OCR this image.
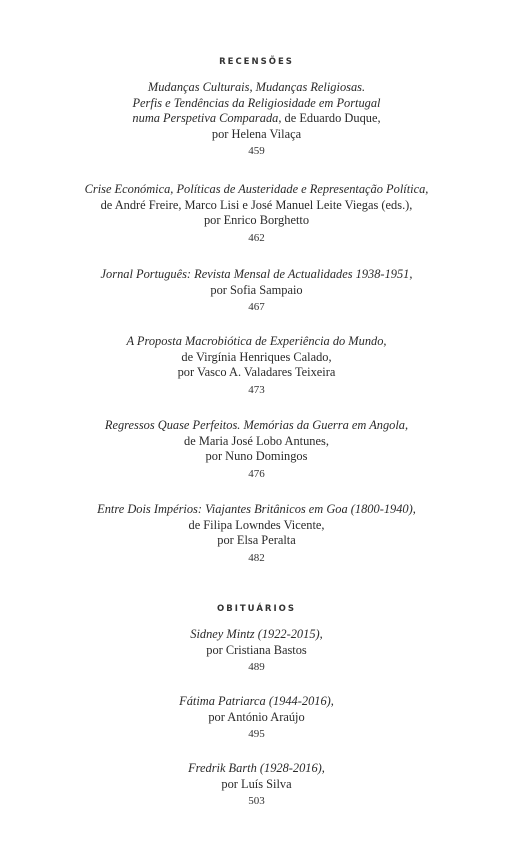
RECENSÕES
Mudanças Culturais, Mudanças Religiosas.
Perfis e Tendências da Religiosidade em Portugal
numa Perspetiva Comparada, de Eduardo Duque,
por Helena Vilaça
459
Crise Económica, Políticas de Austeridade e Representação Política,
de André Freire, Marco Lisi e José Manuel Leite Viegas (eds.),
por Enrico Borghetto
462
Jornal Português: Revista Mensal de Actualidades 1938-1951,
por Sofia Sampaio
467
A Proposta Macrobiótica de Experiência do Mundo,
de Virgínia Henriques Calado,
por Vasco A. Valadares Teixeira
473
Regressos Quase Perfeitos. Memórias da Guerra em Angola,
de Maria José Lobo Antunes,
por Nuno Domingos
476
Entre Dois Impérios: Viajantes Britânicos em Goa (1800-1940),
de Filipa Lowndes Vicente,
por Elsa Peralta
482
OBITUÁRIOS
Sidney Mintz (1922-2015),
por Cristiana Bastos
489
Fátima Patriarca (1944-2016),
por António Araújo
495
Fredrik Barth (1928-2016),
por Luís Silva
503
